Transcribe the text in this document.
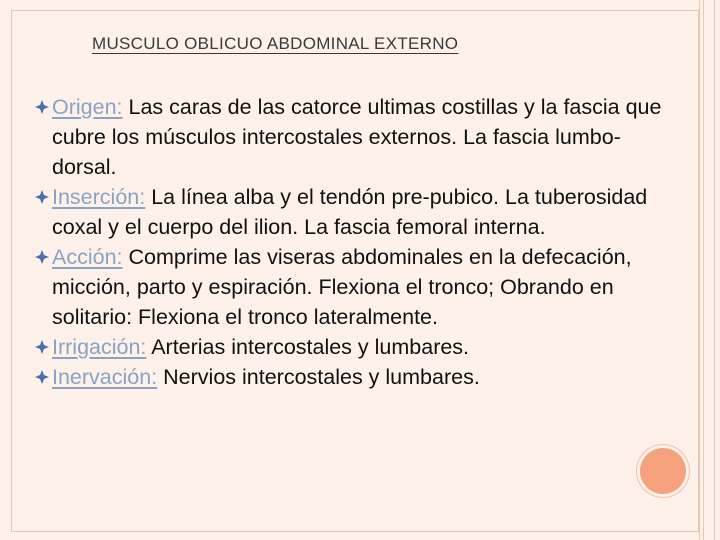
MUSCULO OBLICUO ABDOMINAL EXTERNO
Origen: Las caras de las catorce ultimas costillas y la fascia que cubre los músculos intercostales externos. La fascia lumbo-dorsal.
Inserción: La línea alba y el tendón pre-pubico. La tuberosidad coxal y el cuerpo del ilion. La fascia femoral interna.
Acción: Comprime las viseras abdominales en la defecación, micción, parto y espiración. Flexiona el tronco; Obrando en solitario: Flexiona el tronco lateralmente.
Irrigación: Arterias intercostales y lumbares.
Inervación: Nervios intercostales y lumbares.
